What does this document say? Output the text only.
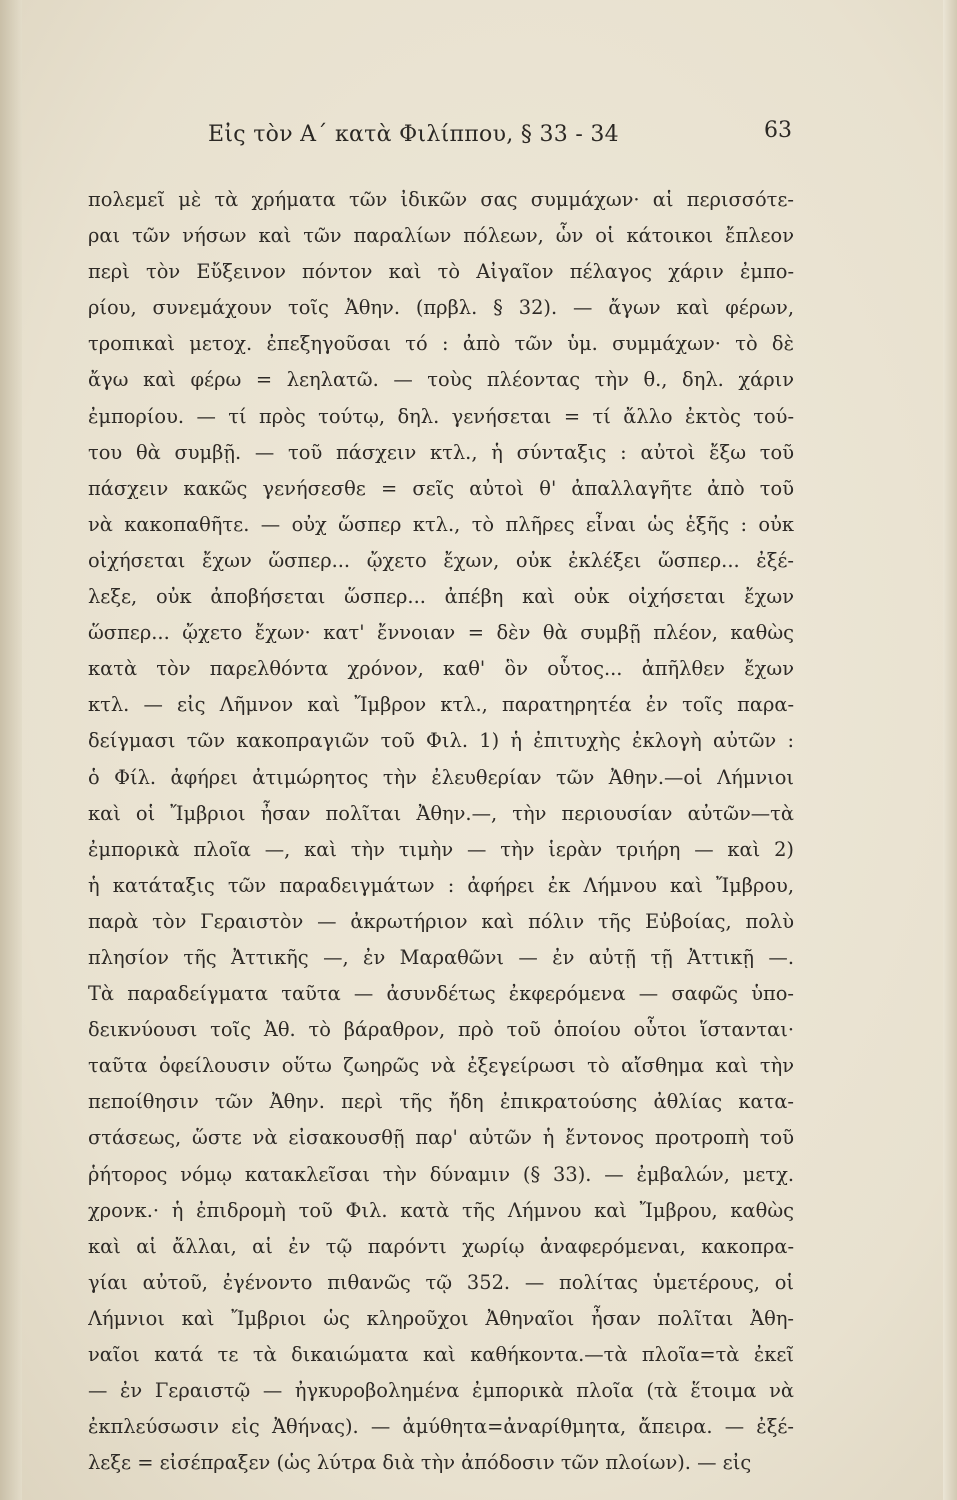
Εἰς τὸν Α΄ κατὰ Φιλίππου, § 33 - 34	63
πολεμεῖ μὲ τὰ χρήματα τῶν ἰδικῶν σας συμμάχων· αἱ περισσότε-
ραι τῶν νήσων καὶ τῶν παραλίων πόλεων, ὧν οἱ κάτοικοι ἔπλεον
περὶ τὸν Εὔξεινον πόντον καὶ τὸ Αἰγαῖον πέλαγος χάριν ἐμπο-
ρίου, συνεμάχουν τοῖς Ἀθην. (πρβλ. § 32). — ἄγων καὶ φέρων,
τροπικαὶ μετοχ. ἐπεξηγοῦσαι τό : ἀπὸ τῶν ὑμ. συμμάχων· τὸ δὲ
ἄγω καὶ φέρω = λεηλατῶ. — τοὺς πλέοντας τὴν θ., δηλ. χάριν
ἐμπορίου. — τί πρὸς τούτῳ, δηλ. γενήσεται = τί ἄλλο ἐκτὸς τού-
του θὰ συμβῇ. — τοῦ πάσχειν κτλ., ἡ σύνταξις : αὐτοὶ ἔξω τοῦ
πάσχειν κακῶς γενήσεσθε = σεῖς αὐτοὶ θ' ἀπαλλαγῆτε ἀπὸ τοῦ
νὰ κακοπαθῆτε. — οὐχ ὥσπερ κτλ., τὸ πλῆρες εἶναι ὡς ἑξῆς : οὐκ
οἰχήσεται ἔχων ὥσπερ... ᾤχετο ἔχων, οὐκ ἐκλέξει ὥσπερ... ἐξέ-
λεξε, οὐκ ἀποβήσεται ὥσπερ... ἀπέβη καὶ οὐκ οἰχήσεται ἔχων
ὥσπερ... ᾤχετο ἔχων· κατ' ἔννοιαν = δὲν θὰ συμβῇ πλέον, καθὼς
κατὰ τὸν παρελθόντα χρόνον, καθ' ὃν οὗτος... ἀπῆλθεν ἔχων
κτλ. — εἰς Λῆμνον καὶ Ἴμβρον κτλ., παρατηρητέα ἐν τοῖς παρα-
δείγμασι τῶν κακοπραγιῶν τοῦ Φιλ. 1) ἡ ἐπιτυχὴς ἐκλογὴ αὐτῶν :
ὁ Φίλ. ἀφήρει ἀτιμώρητος τὴν ἐλευθερίαν τῶν Ἀθην.—οἱ Λήμνιοι
καὶ οἱ Ἴμβριοι ἦσαν πολῖται Ἀθην.—, τὴν περιουσίαν αὐτῶν—τὰ
ἐμπορικὰ πλοῖα —, καὶ τὴν τιμὴν — τὴν ἱερὰν τριήρη — καὶ 2)
ἡ κατάταξις τῶν παραδειγμάτων : ἀφήρει ἐκ Λήμνου καὶ Ἴμβρου,
παρὰ τὸν Γεραιστὸν — ἀκρωτήριον καὶ πόλιν τῆς Εὐβοίας, πολὺ
πλησίον τῆς Ἀττικῆς —, ἐν Μαραθῶνι — ἐν αὐτῇ τῇ Ἀττικῇ —.
Τὰ παραδείγματα ταῦτα — ἀσυνδέτως ἐκφερόμενα — σαφῶς ὑπο-
δεικνύουσι τοῖς Ἀθ. τὸ βάραθρον, πρὸ τοῦ ὁποίου οὗτοι ἵστανται·
ταῦτα ὀφείλουσιν οὕτω ζωηρῶς νὰ ἐξεγείρωσι τὸ αἴσθημα καὶ τὴν
πεποίθησιν τῶν Ἀθην. περὶ τῆς ἤδη ἐπικρατούσης ἀθλίας κατα-
στάσεως, ὥστε νὰ εἰσακουσθῇ παρ' αὐτῶν ἡ ἔντονος προτροπὴ τοῦ
ῥήτορος νόμῳ κατακλεῖσαι τὴν δύναμιν (§ 33). — ἐμβαλών, μετχ.
χρονκ.· ἡ ἐπιδρομὴ τοῦ Φιλ. κατὰ τῆς Λήμνου καὶ Ἴμβρου, καθὼς
καὶ αἱ ἄλλαι, αἱ ἐν τῷ παρόντι χωρίῳ ἀναφερόμεναι, κακοπρα-
γίαι αὐτοῦ, ἐγένοντο πιθανῶς τῷ 352. — πολίτας ὑμετέρους, οἱ
Λήμνιοι καὶ Ἴμβριοι ὡς κληροῦχοι Ἀθηναῖοι ἦσαν πολῖται Ἀθη-
ναῖοι κατά τε τὰ δικαιώματα καὶ καθήκοντα.—τὰ πλοῖα=τὰ ἐκεῖ
— ἐν Γεραιστῷ — ἠγκυροβολημένα ἐμπορικὰ πλοῖα (τὰ ἕτοιμα νὰ
ἐκπλεύσωσιν εἰς Ἀθήνας). — ἀμύθητα=ἀναρίθμητα, ἄπειρα. — ἐξέ-
λεξε = εἰσέπραξεν (ὡς λύτρα διὰ τὴν ἀπόδοσιν τῶν πλοίων). — εἰς
